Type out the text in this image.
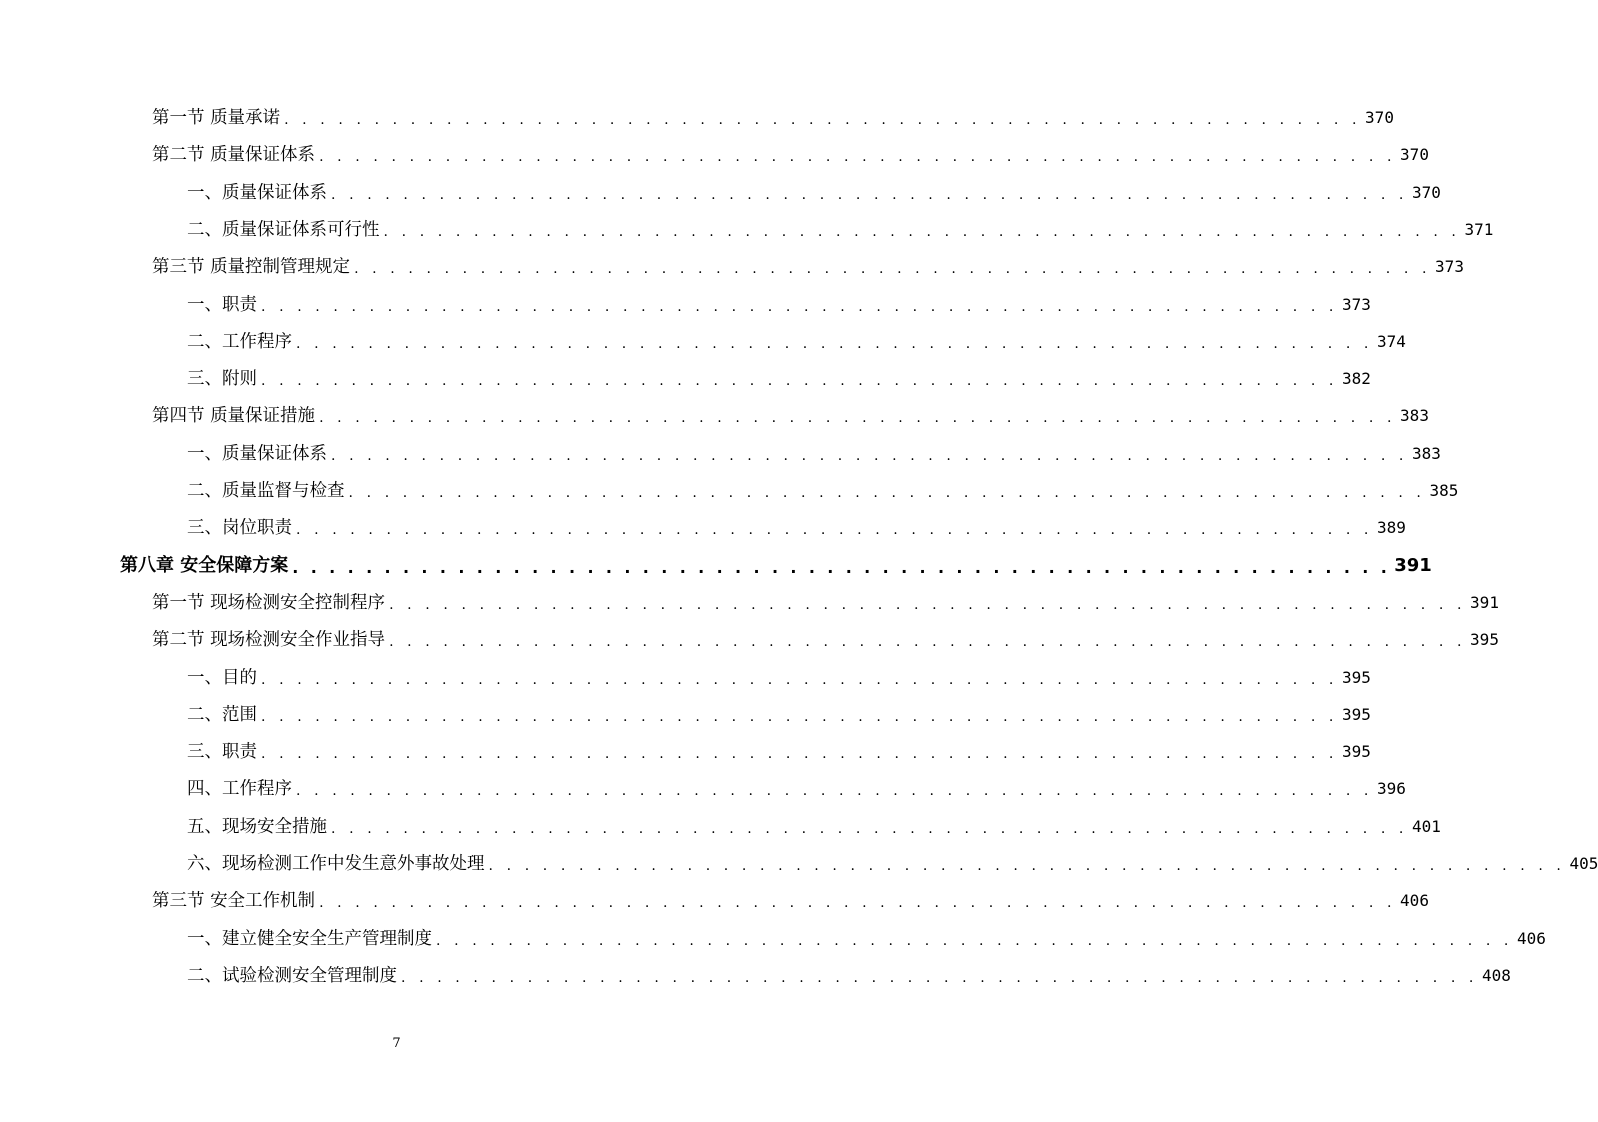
第一节 质量承诺 . . . . . . . . . . . . . . . . . . . . . . . . . . . . . . . . . . . . . . . . . . . . . . . . . . . . . . . . . . . . 370
第二节 质量保证体系 . . . . . . . . . . . . . . . . . . . . . . . . . . . . . . . . . . . . . . . . . . . . . . . . . . . . . . . . . . . . 370
一、质量保证体系 . . . . . . . . . . . . . . . . . . . . . . . . . . . . . . . . . . . . . . . . . . . . . . . . . . . . . . . . . . . . 370
二、质量保证体系可行性 . . . . . . . . . . . . . . . . . . . . . . . . . . . . . . . . . . . . . . . . . . . . . . . . . . . . . . . . . . . . 371
第三节 质量控制管理规定 . . . . . . . . . . . . . . . . . . . . . . . . . . . . . . . . . . . . . . . . . . . . . . . . . . . . . . . . . . . . 373
一、职责 . . . . . . . . . . . . . . . . . . . . . . . . . . . . . . . . . . . . . . . . . . . . . . . . . . . . . . . . . . . . 373
二、工作程序 . . . . . . . . . . . . . . . . . . . . . . . . . . . . . . . . . . . . . . . . . . . . . . . . . . . . . . . . . . . . 374
三、附则 . . . . . . . . . . . . . . . . . . . . . . . . . . . . . . . . . . . . . . . . . . . . . . . . . . . . . . . . . . . . 382
第四节 质量保证措施 . . . . . . . . . . . . . . . . . . . . . . . . . . . . . . . . . . . . . . . . . . . . . . . . . . . . . . . . . . . . 383
一、质量保证体系 . . . . . . . . . . . . . . . . . . . . . . . . . . . . . . . . . . . . . . . . . . . . . . . . . . . . . . . . . . . . 383
二、质量监督与检查 . . . . . . . . . . . . . . . . . . . . . . . . . . . . . . . . . . . . . . . . . . . . . . . . . . . . . . . . . . . . 385
三、岗位职责 . . . . . . . . . . . . . . . . . . . . . . . . . . . . . . . . . . . . . . . . . . . . . . . . . . . . . . . . . . . . 389
第八章 安全保障方案 . . . . . . . . . . . . . . . . . . . . . . . . . . . . . . . . . . . . . . . . . . . . . . . . . . . . . . . . . . . . 391
第一节 现场检测安全控制程序 . . . . . . . . . . . . . . . . . . . . . . . . . . . . . . . . . . . . . . . . . . . . . . . . . . . . . . . . . . . . 391
第二节 现场检测安全作业指导 . . . . . . . . . . . . . . . . . . . . . . . . . . . . . . . . . . . . . . . . . . . . . . . . . . . . . . . . . . . . 395
一、目的 . . . . . . . . . . . . . . . . . . . . . . . . . . . . . . . . . . . . . . . . . . . . . . . . . . . . . . . . . . . . 395
二、范围 . . . . . . . . . . . . . . . . . . . . . . . . . . . . . . . . . . . . . . . . . . . . . . . . . . . . . . . . . . . . 395
三、职责 . . . . . . . . . . . . . . . . . . . . . . . . . . . . . . . . . . . . . . . . . . . . . . . . . . . . . . . . . . . . 395
四、工作程序 . . . . . . . . . . . . . . . . . . . . . . . . . . . . . . . . . . . . . . . . . . . . . . . . . . . . . . . . . . . . 396
五、现场安全措施 . . . . . . . . . . . . . . . . . . . . . . . . . . . . . . . . . . . . . . . . . . . . . . . . . . . . . . . . . . . . 401
六、现场检测工作中发生意外事故处理 . . . . . . . . . . . . . . . . . . . . . . . . . . . . . . . . . . . . . . . . . . . . . . . . . . . . . . . . . . . . 405
第三节 安全工作机制 . . . . . . . . . . . . . . . . . . . . . . . . . . . . . . . . . . . . . . . . . . . . . . . . . . . . . . . . . . . . 406
一、建立健全安全生产管理制度 . . . . . . . . . . . . . . . . . . . . . . . . . . . . . . . . . . . . . . . . . . . . . . . . . . . . . . . . . . . . 406
二、试验检测安全管理制度 . . . . . . . . . . . . . . . . . . . . . . . . . . . . . . . . . . . . . . . . . . . . . . . . . . . . . . . . . . . . 408
7
